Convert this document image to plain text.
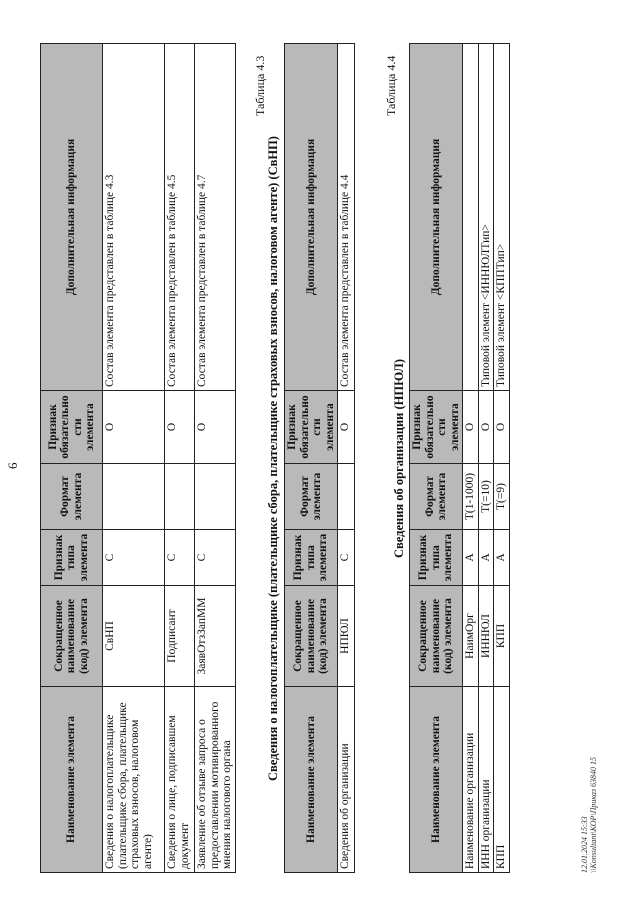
6
Наименование элемента	Сокращенное наименование (код) элемента	Признак типа элемента	Формат элемента	Признак обязательности элемента	Дополнительная информация
Сведения о налогоплательщике (плательщике сбора, плательщике страховых взносов, налоговом агенте)	СвНП	С		О	Состав элемента представлен в таблице 4.3
Сведения о лице, подписавшем документ	Подписант	С		О	Состав элемента представлен в таблице 4.5
Заявление об отзыве запроса о предоставлении мотивированного мнения налогового органа	ЗаявОтзЗапММ	С		О	Состав элемента представлен в таблице 4.7
Таблица 4.3
Сведения о налогоплательщике (плательщике сбора, плательщике страховых взносов, налоговом агенте) (СвНП) Наименование элемента	Сокращенное наименование (код) элемента	Признак типа элемента	Формат элемента	Признак обязательности элемента	Дополнительная информация
Сведения об организации	НПЮЛ	С		О	Состав элемента представлен в таблице 4.4
Таблица 4.4
Сведения об организации (НПЮЛ)
Наименование элемента	Сокращенное наименование (код) элемента	Признак типа элемента	Формат элемента	Признак обязательности элемента	Дополнительная информация
Наименование организации	НаимОрг	А	T(1-1000)	О	
ИНН организации	ИННЮЛ	А	T(=10)	О	Типовой элемент <ИННЮЛТип>
КПП	КПП	А	T(=9)	О	Типовой элемент <КППТип>
12.01.2024 15:33 \\Konsultant\КОР\Приказ 63840 15
